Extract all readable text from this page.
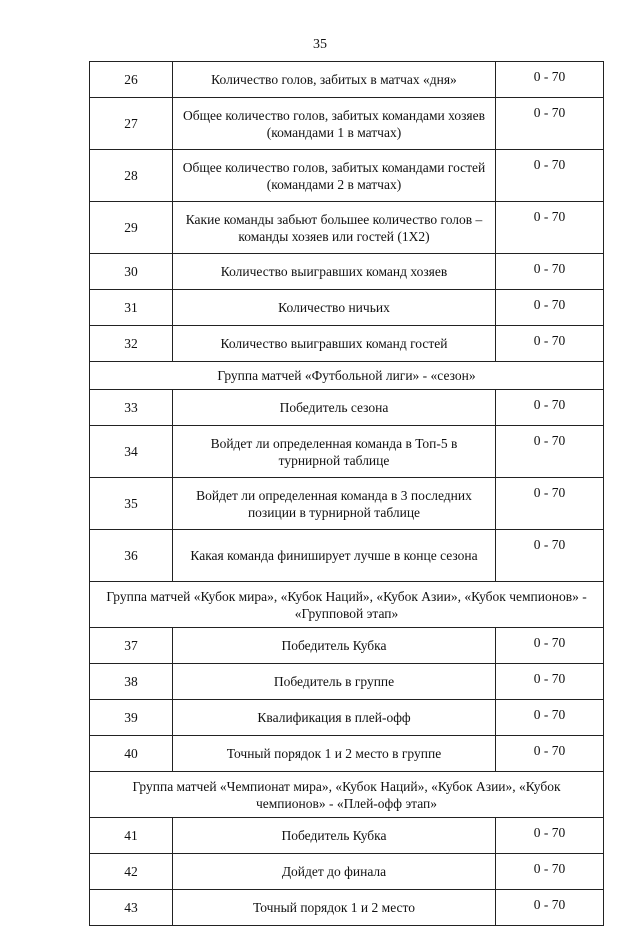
35
26	Количество голов, забитых в матчах «дня»	0 - 70
27	Общее количество голов, забитых командами хозяев (командами 1 в матчах)	0 - 70
28	Общее количество голов, забитых командами гостей (командами 2 в матчах)	0 - 70
29	Какие команды забьют большее количество голов – команды хозяев или гостей (1Х2)	0 - 70
30	Количество выигравших команд хозяев	0 - 70
31	Количество ничьих	0 - 70
32	Количество выигравших команд гостей	0 - 70
Группа матчей «Футбольной лиги» - «сезон»		
33	Победитель сезона	0 - 70
34	Войдет ли определенная команда в Топ-5 в турнирной таблице	0 - 70
35	Войдет ли определенная команда в 3 последних позиции в турнирной таблице	0 - 70
36	Какая команда финиширует лучше в конце сезона	0 - 70
Группа матчей «Кубок мира», «Кубок Наций», «Кубок Азии», «Кубок чемпионов» - «Групповой этап»		
37	Победитель Кубка	0 - 70
38	Победитель в группе	0 - 70
39	Квалификация в плей-офф	0 - 70
40	Точный порядок 1 и 2 место в группе	0 - 70
Группа матчей «Чемпионат мира», «Кубок Наций», «Кубок Азии», «Кубок чемпионов» - «Плей-офф этап»		
41	Победитель Кубка	0 - 70
42	Дойдет до финала	0 - 70
43	Точный порядок 1 и 2 место	0 - 70
